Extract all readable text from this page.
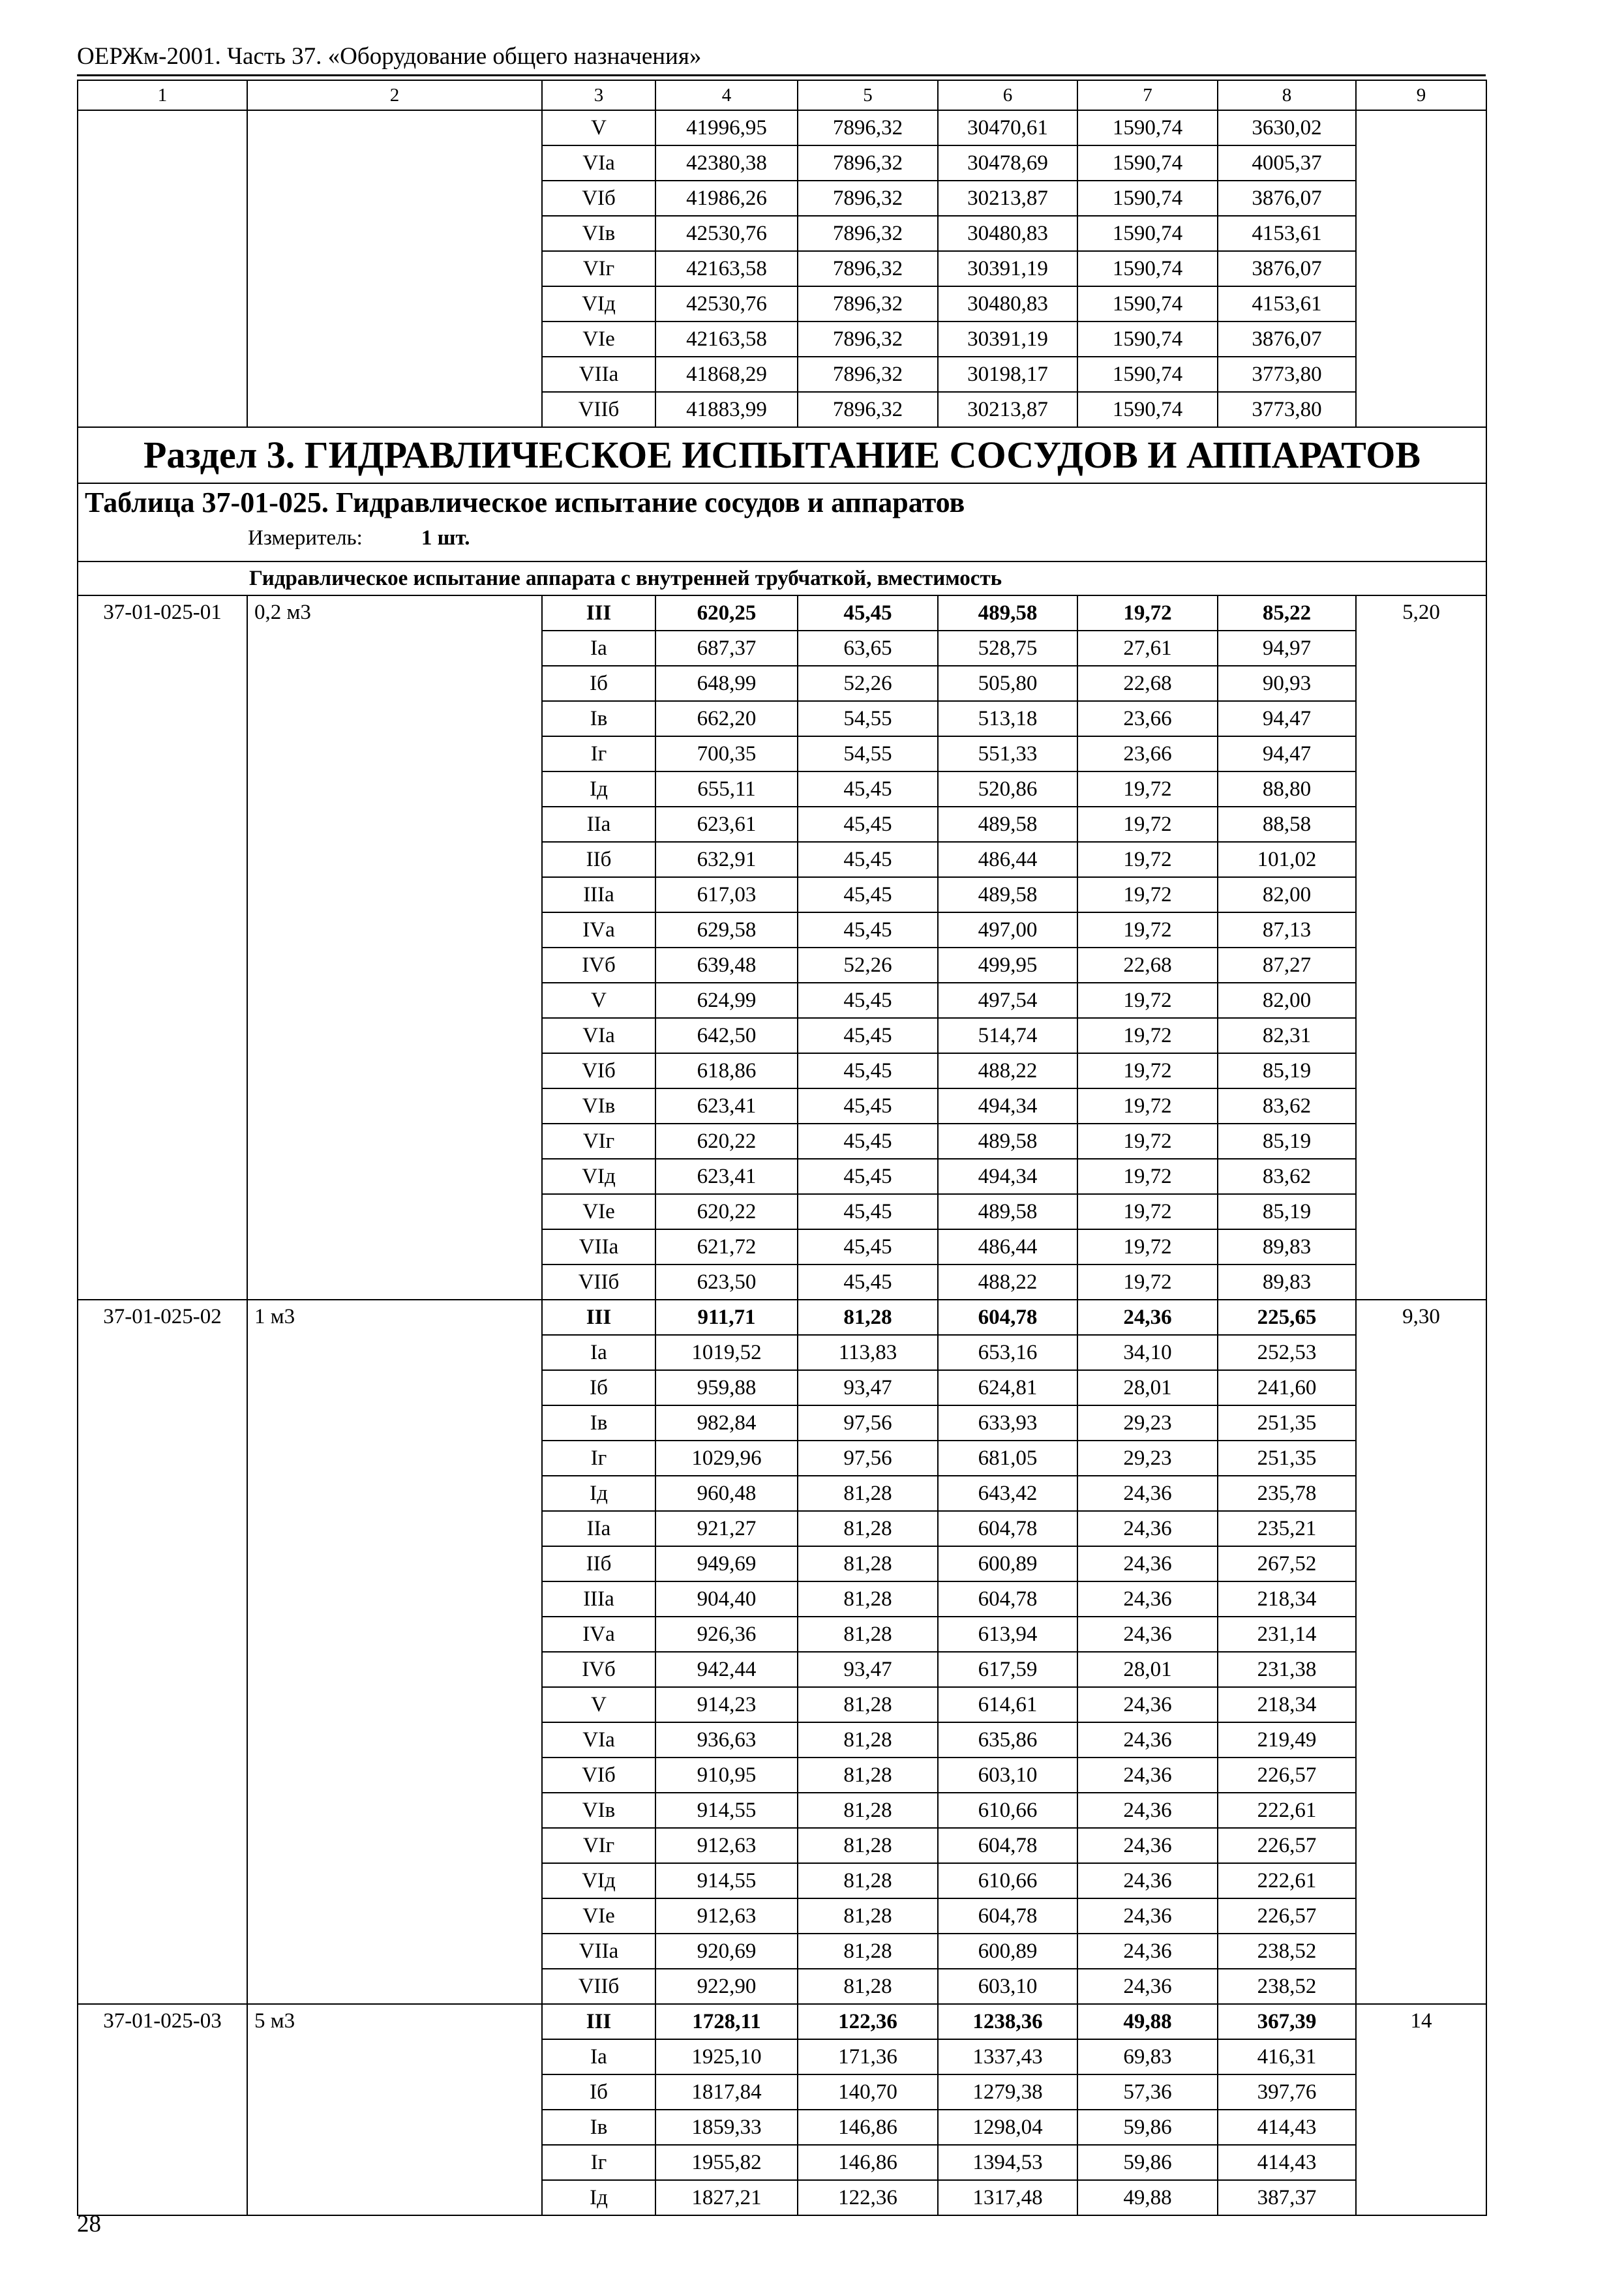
ОЕРЖм-2001. Часть 37. «Оборудование общего назначения»
1	2	3	4	5	6	7	8	9
		V	41996,95	7896,32	30470,61	1590,74	3630,02	
		VIа	42380,38	7896,32	30478,69	1590,74	4005,37	
		VIб	41986,26	7896,32	30213,87	1590,74	3876,07	
		VIв	42530,76	7896,32	30480,83	1590,74	4153,61	
		VIг	42163,58	7896,32	30391,19	1590,74	3876,07	
		VIд	42530,76	7896,32	30480,83	1590,74	4153,61	
		VIе	42163,58	7896,32	30391,19	1590,74	3876,07	
		VIIа	41868,29	7896,32	30198,17	1590,74	3773,80	
		VIIб	41883,99	7896,32	30213,87	1590,74	3773,80	
Раздел 3. ГИДРАВЛИЧЕСКОЕ ИСПЫТАНИЕ СОСУДОВ И АППАРАТОВ								

Таблица 37-01-025. Гидравлическое испытание сосудов и аппаратов
Измеритель: 1 шт.								

Гидравлическое испытание аппарата с внутренней трубчаткой, вместимость								
37-01-025-01	0,2 м3	III	620,25	45,45	489,58	19,72	85,22	5,20
		Iа	687,37	63,65	528,75	27,61	94,97	
		Iб	648,99	52,26	505,80	22,68	90,93	
		Iв	662,20	54,55	513,18	23,66	94,47	
		Iг	700,35	54,55	551,33	23,66	94,47	
		Iд	655,11	45,45	520,86	19,72	88,80	
		IIа	623,61	45,45	489,58	19,72	88,58	
		IIб	632,91	45,45	486,44	19,72	101,02	
		IIIа	617,03	45,45	489,58	19,72	82,00	
		IVа	629,58	45,45	497,00	19,72	87,13	
		IVб	639,48	52,26	499,95	22,68	87,27	
		V	624,99	45,45	497,54	19,72	82,00	
		VIа	642,50	45,45	514,74	19,72	82,31	
		VIб	618,86	45,45	488,22	19,72	85,19	
		VIв	623,41	45,45	494,34	19,72	83,62	
		VIг	620,22	45,45	489,58	19,72	85,19	
		VIд	623,41	45,45	494,34	19,72	83,62	
		VIе	620,22	45,45	489,58	19,72	85,19	
		VIIа	621,72	45,45	486,44	19,72	89,83	
		VIIб	623,50	45,45	488,22	19,72	89,83	
37-01-025-02	1 м3	III	911,71	81,28	604,78	24,36	225,65	9,30
		Iа	1019,52	113,83	653,16	34,10	252,53	
		Iб	959,88	93,47	624,81	28,01	241,60	
		Iв	982,84	97,56	633,93	29,23	251,35	
		Iг	1029,96	97,56	681,05	29,23	251,35	
		Iд	960,48	81,28	643,42	24,36	235,78	
		IIа	921,27	81,28	604,78	24,36	235,21	
		IIб	949,69	81,28	600,89	24,36	267,52	
		IIIа	904,40	81,28	604,78	24,36	218,34	
		IVа	926,36	81,28	613,94	24,36	231,14	
		IVб	942,44	93,47	617,59	28,01	231,38	
		V	914,23	81,28	614,61	24,36	218,34	
		VIа	936,63	81,28	635,86	24,36	219,49	
		VIб	910,95	81,28	603,10	24,36	226,57	
		VIв	914,55	81,28	610,66	24,36	222,61	
		VIг	912,63	81,28	604,78	24,36	226,57	
		VIд	914,55	81,28	610,66	24,36	222,61	
		VIе	912,63	81,28	604,78	24,36	226,57	
		VIIа	920,69	81,28	600,89	24,36	238,52	
		VIIб	922,90	81,28	603,10	24,36	238,52	
37-01-025-03	5 м3	III	1728,11	122,36	1238,36	49,88	367,39	14
		Iа	1925,10	171,36	1337,43	69,83	416,31	
		Iб	1817,84	140,70	1279,38	57,36	397,76	
		Iв	1859,33	146,86	1298,04	59,86	414,43	
		Iг	1955,82	146,86	1394,53	59,86	414,43	
		Iд	1827,21	122,36	1317,48	49,88	387,37	
28
